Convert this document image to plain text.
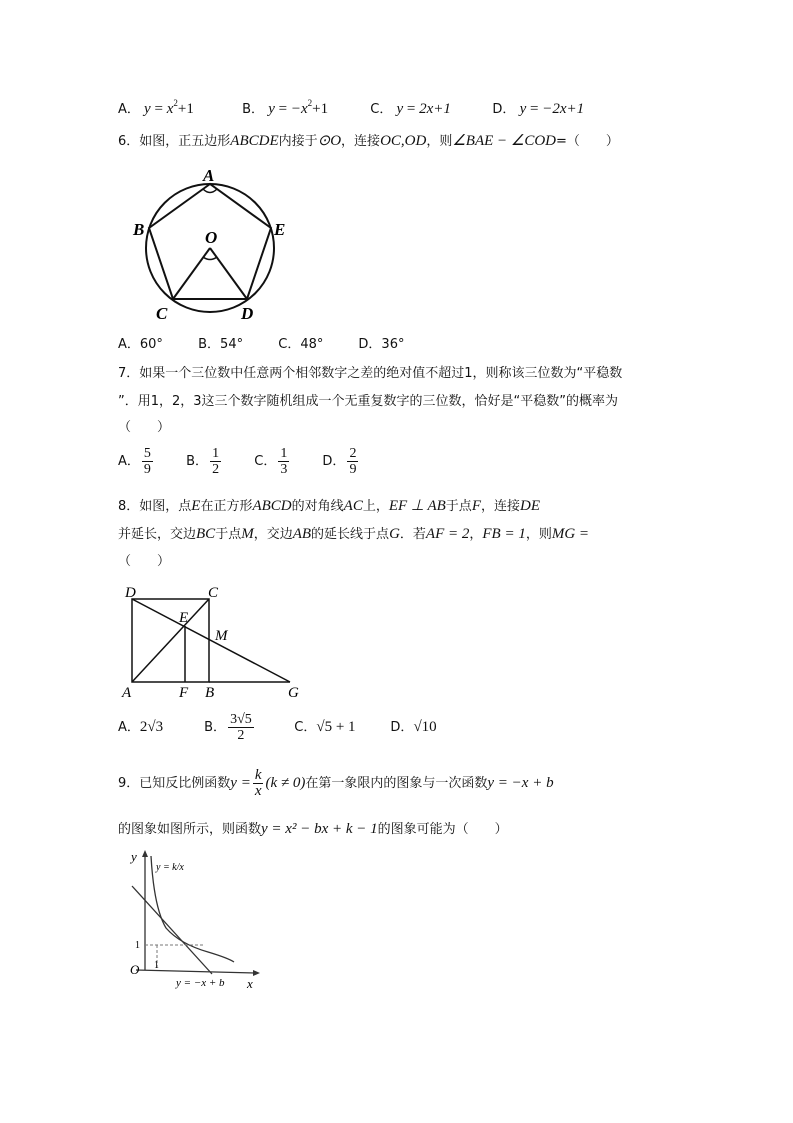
A． $y = x^2+1$	B． $y = -x^2+1$	C． y = 2x+1	D． y = −2x+1
6．如图，正五边形ABCDE内接于⊙O，连接OC,OD，则∠BAE − ∠COD=（　　）
A
B	E
O
C	D
A．60°	B．54°	C．48°	D．36°
7．如果一个三位数中任意两个相邻数字之差的绝对值不超过1，则称该三位数为“平稳数
”．用1，2，3这三个数字随机组成一个无重复数字的三位数，恰好是“平稳数”的概率为
（　　）
A． $\frac{5}{9}$	B． $\frac{1}{2}$	C． $\frac{1}{3}$	D． $\frac{2}{9}$
8．如图，点E在正方形ABCD的对角线AC上，EF ⊥ AB于点F，连接DE
并延长，交边BC于点M，交边AB的延长线于点G．若AF = 2，FB = 1，则MG =
（　　）
D	C
E
M
A	F B	G
A．2√3	B． $\frac{3√5}{2}$	C．√5 + 1	D．√10
9．已知反比例函数$y = \frac{k}{x} (k \ne 0)$在第一象限内的图象与一次函数y = −x + b
的图象如图所示，则函数y = x² − bx + k − 1的图象可能为（　　）
y
x
O 1
1
y = k/x
y = −x + b
